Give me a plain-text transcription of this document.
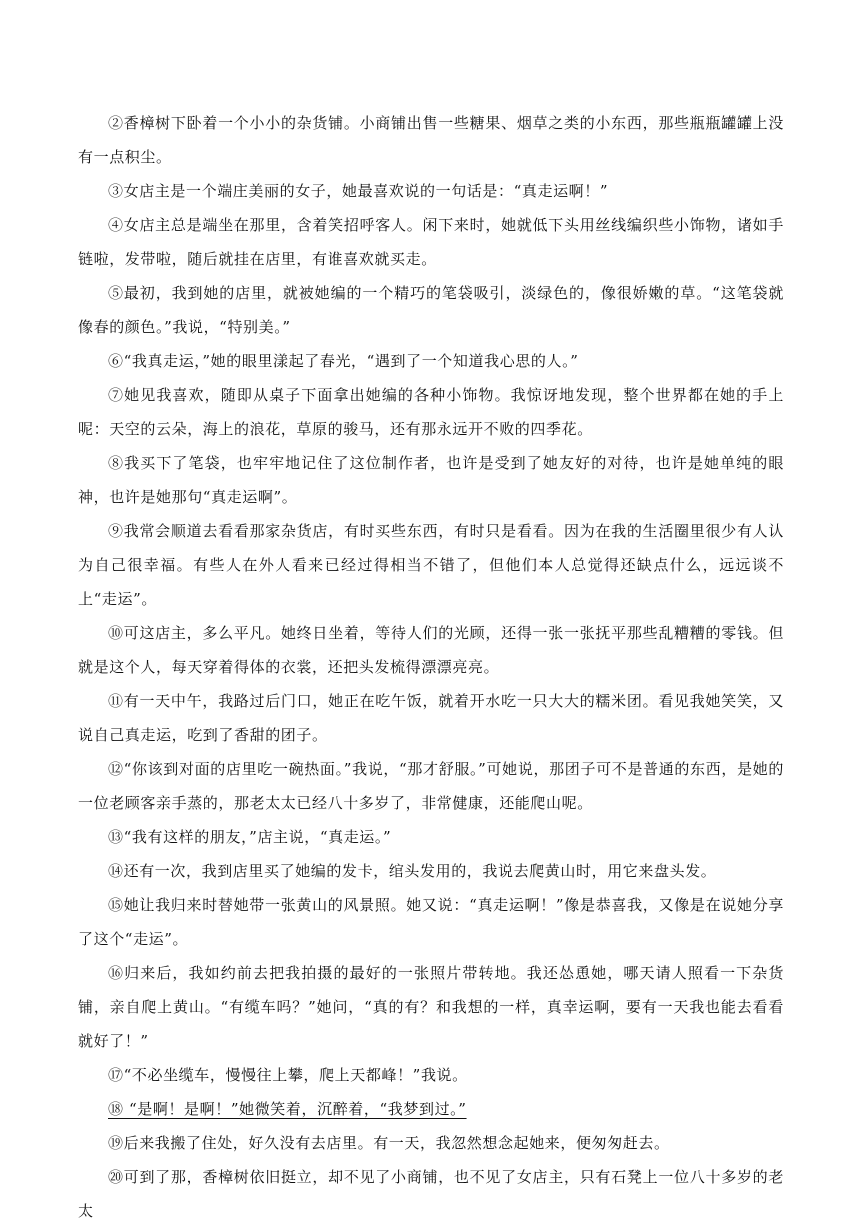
②香樟树下卧着一个小小的杂货铺。小商铺出售一些糖果、烟草之类的小东西，那些瓶瓶罐罐上没有一点积尘。

③女店主是一个端庄美丽的女子，她最喜欢说的一句话是：“真走运啊！”

④女店主总是端坐在那里，含着笑招呼客人。闲下来时，她就低下头用丝线编织些小饰物，诸如手链啦，发带啦，随后就挂在店里，有谁喜欢就买走。

⑤最初，我到她的店里，就被她编的一个精巧的笔袋吸引，淡绿色的，像很娇嫩的草。“这笔袋就像春的颜色。”我说，“特别美。”

⑥“我真走运，”她的眼里漾起了春光，“遇到了一个知道我心思的人。”

⑦她见我喜欢，随即从桌子下面拿出她编的各种小饰物。我惊讶地发现，整个世界都在她的手上呢：天空的云朵，海上的浪花，草原的骏马，还有那永远开不败的四季花。

⑧我买下了笔袋，也牢牢地记住了这位制作者，也许是受到了她友好的对待，也许是她单纯的眼神，也许是她那句“真走运啊”。

⑨我常会顺道去看看那家杂货店，有时买些东西，有时只是看看。因为在我的生活圈里很少有人认为自己很幸福。有些人在外人看来已经过得相当不错了，但他们本人总觉得还缺点什么，远远谈不上“走运”。

⑩可这店主，多么平凡。她终日坐着，等待人们的光顾，还得一张一张抚平那些乱糟糟的零钱。但就是这个人，每天穿着得体的衣裳，还把头发梳得漂漂亮亮。

⑪有一天中午，我路过后门口，她正在吃午饭，就着开水吃一只大大的糯米团。看见我她笑笑，又说自己真走运，吃到了香甜的团子。

⑫“你该到对面的店里吃一碗热面。”我说，“那才舒服。”可她说，那团子可不是普通的东西，是她的一位老顾客亲手蒸的，那老太太已经八十多岁了，非常健康，还能爬山呢。

⑬“我有这样的朋友，”店主说，“真走运。”

⑭还有一次，我到店里买了她编的发卡，绾头发用的，我说去爬黄山时，用它来盘头发。

⑮她让我归来时替她带一张黄山的风景照。她又说：“真走运啊！”像是恭喜我，又像是在说她分享了这个“走运”。

⑯归来后，我如约前去把我拍摄的最好的一张照片带转地。我还怂恿她，哪天请人照看一下杂货铺，亲自爬上黄山。“有缆车吗？”她问，“真的有？和我想的一样，真幸运啊，要有一天我也能去看看就好了！”

⑰“不必坐缆车，慢慢往上攀，爬上天都峰！”我说。

⑱ “是啊！是啊！”她微笑着，沉醉着，“我梦到过。”

⑲后来我搬了住处，好久没有去店里。有一天，我忽然想念起她来，便匆匆赶去。

⑳可到了那，香樟树依旧挺立，却不见了小商铺，也不见了女店主，只有石凳上一位八十多岁的老太
